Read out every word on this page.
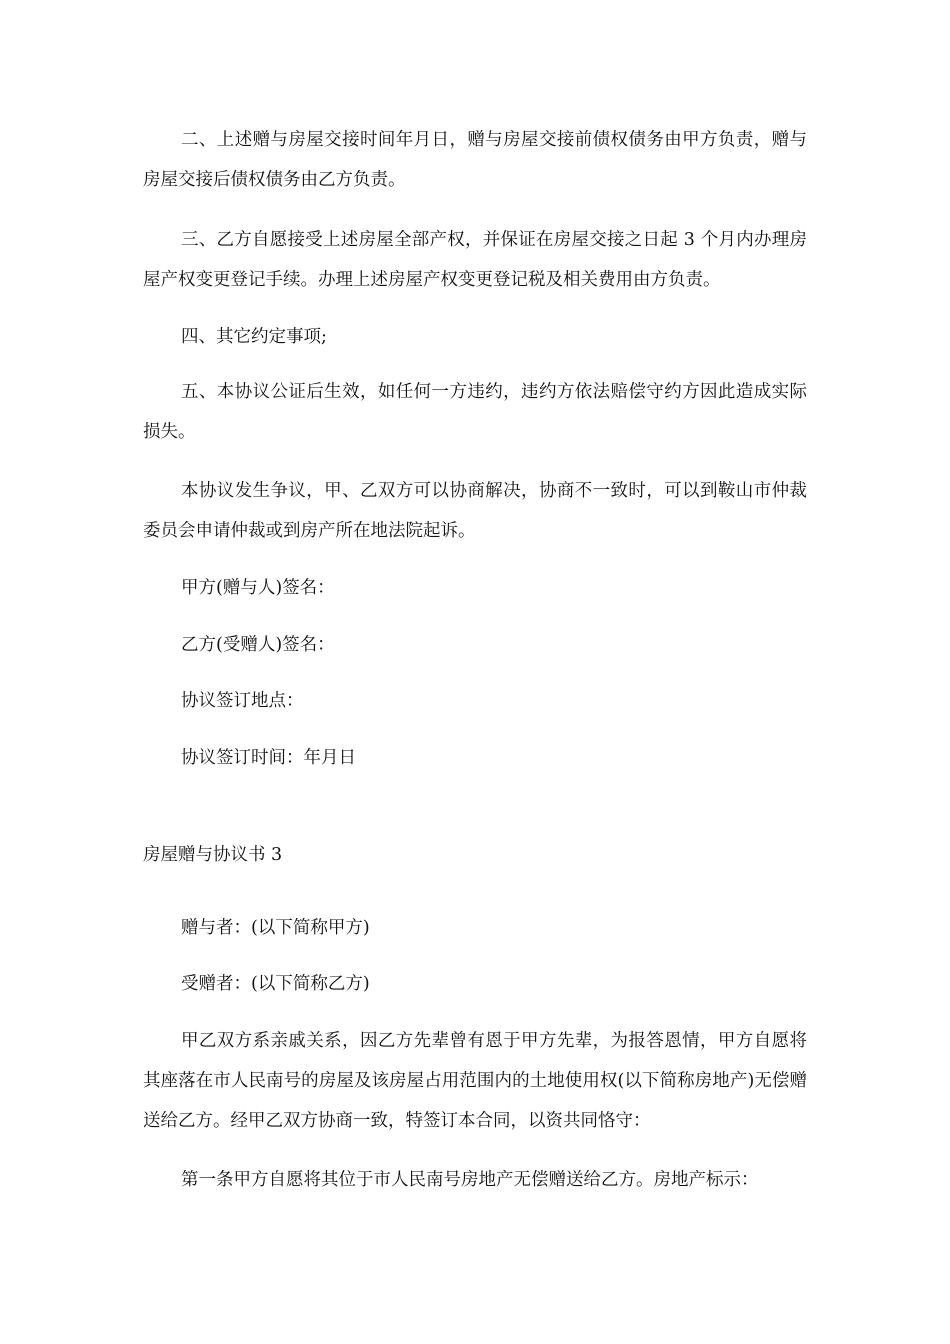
二、上述赠与房屋交接时间年月日，赠与房屋交接前债权债务由甲方负责，赠与房屋交接后债权债务由乙方负责。

三、乙方自愿接受上述房屋全部产权，并保证在房屋交接之日起 3 个月内办理房屋产权变更登记手续。办理上述房屋产权变更登记税及相关费用由方负责。

四、其它约定事项;

五、本协议公证后生效，如任何一方违约，违约方依法赔偿守约方因此造成实际损失。

本协议发生争议，甲、乙双方可以协商解决，协商不一致时，可以到鞍山市仲裁委员会申请仲裁或到房产所在地法院起诉。

甲方(赠与人)签名：

乙方(受赠人)签名：

协议签订地点：

协议签订时间：年月日

房屋赠与协议书 3

赠与者：(以下简称甲方)

受赠者：(以下简称乙方)

甲乙双方系亲戚关系，因乙方先辈曾有恩于甲方先辈，为报答恩情，甲方自愿将其座落在市人民南号的房屋及该房屋占用范围内的土地使用权(以下简称房地产)无偿赠送给乙方。经甲乙双方协商一致，特签订本合同，以资共同恪守：

第一条甲方自愿将其位于市人民南号房地产无偿赠送给乙方。房地产标示：
